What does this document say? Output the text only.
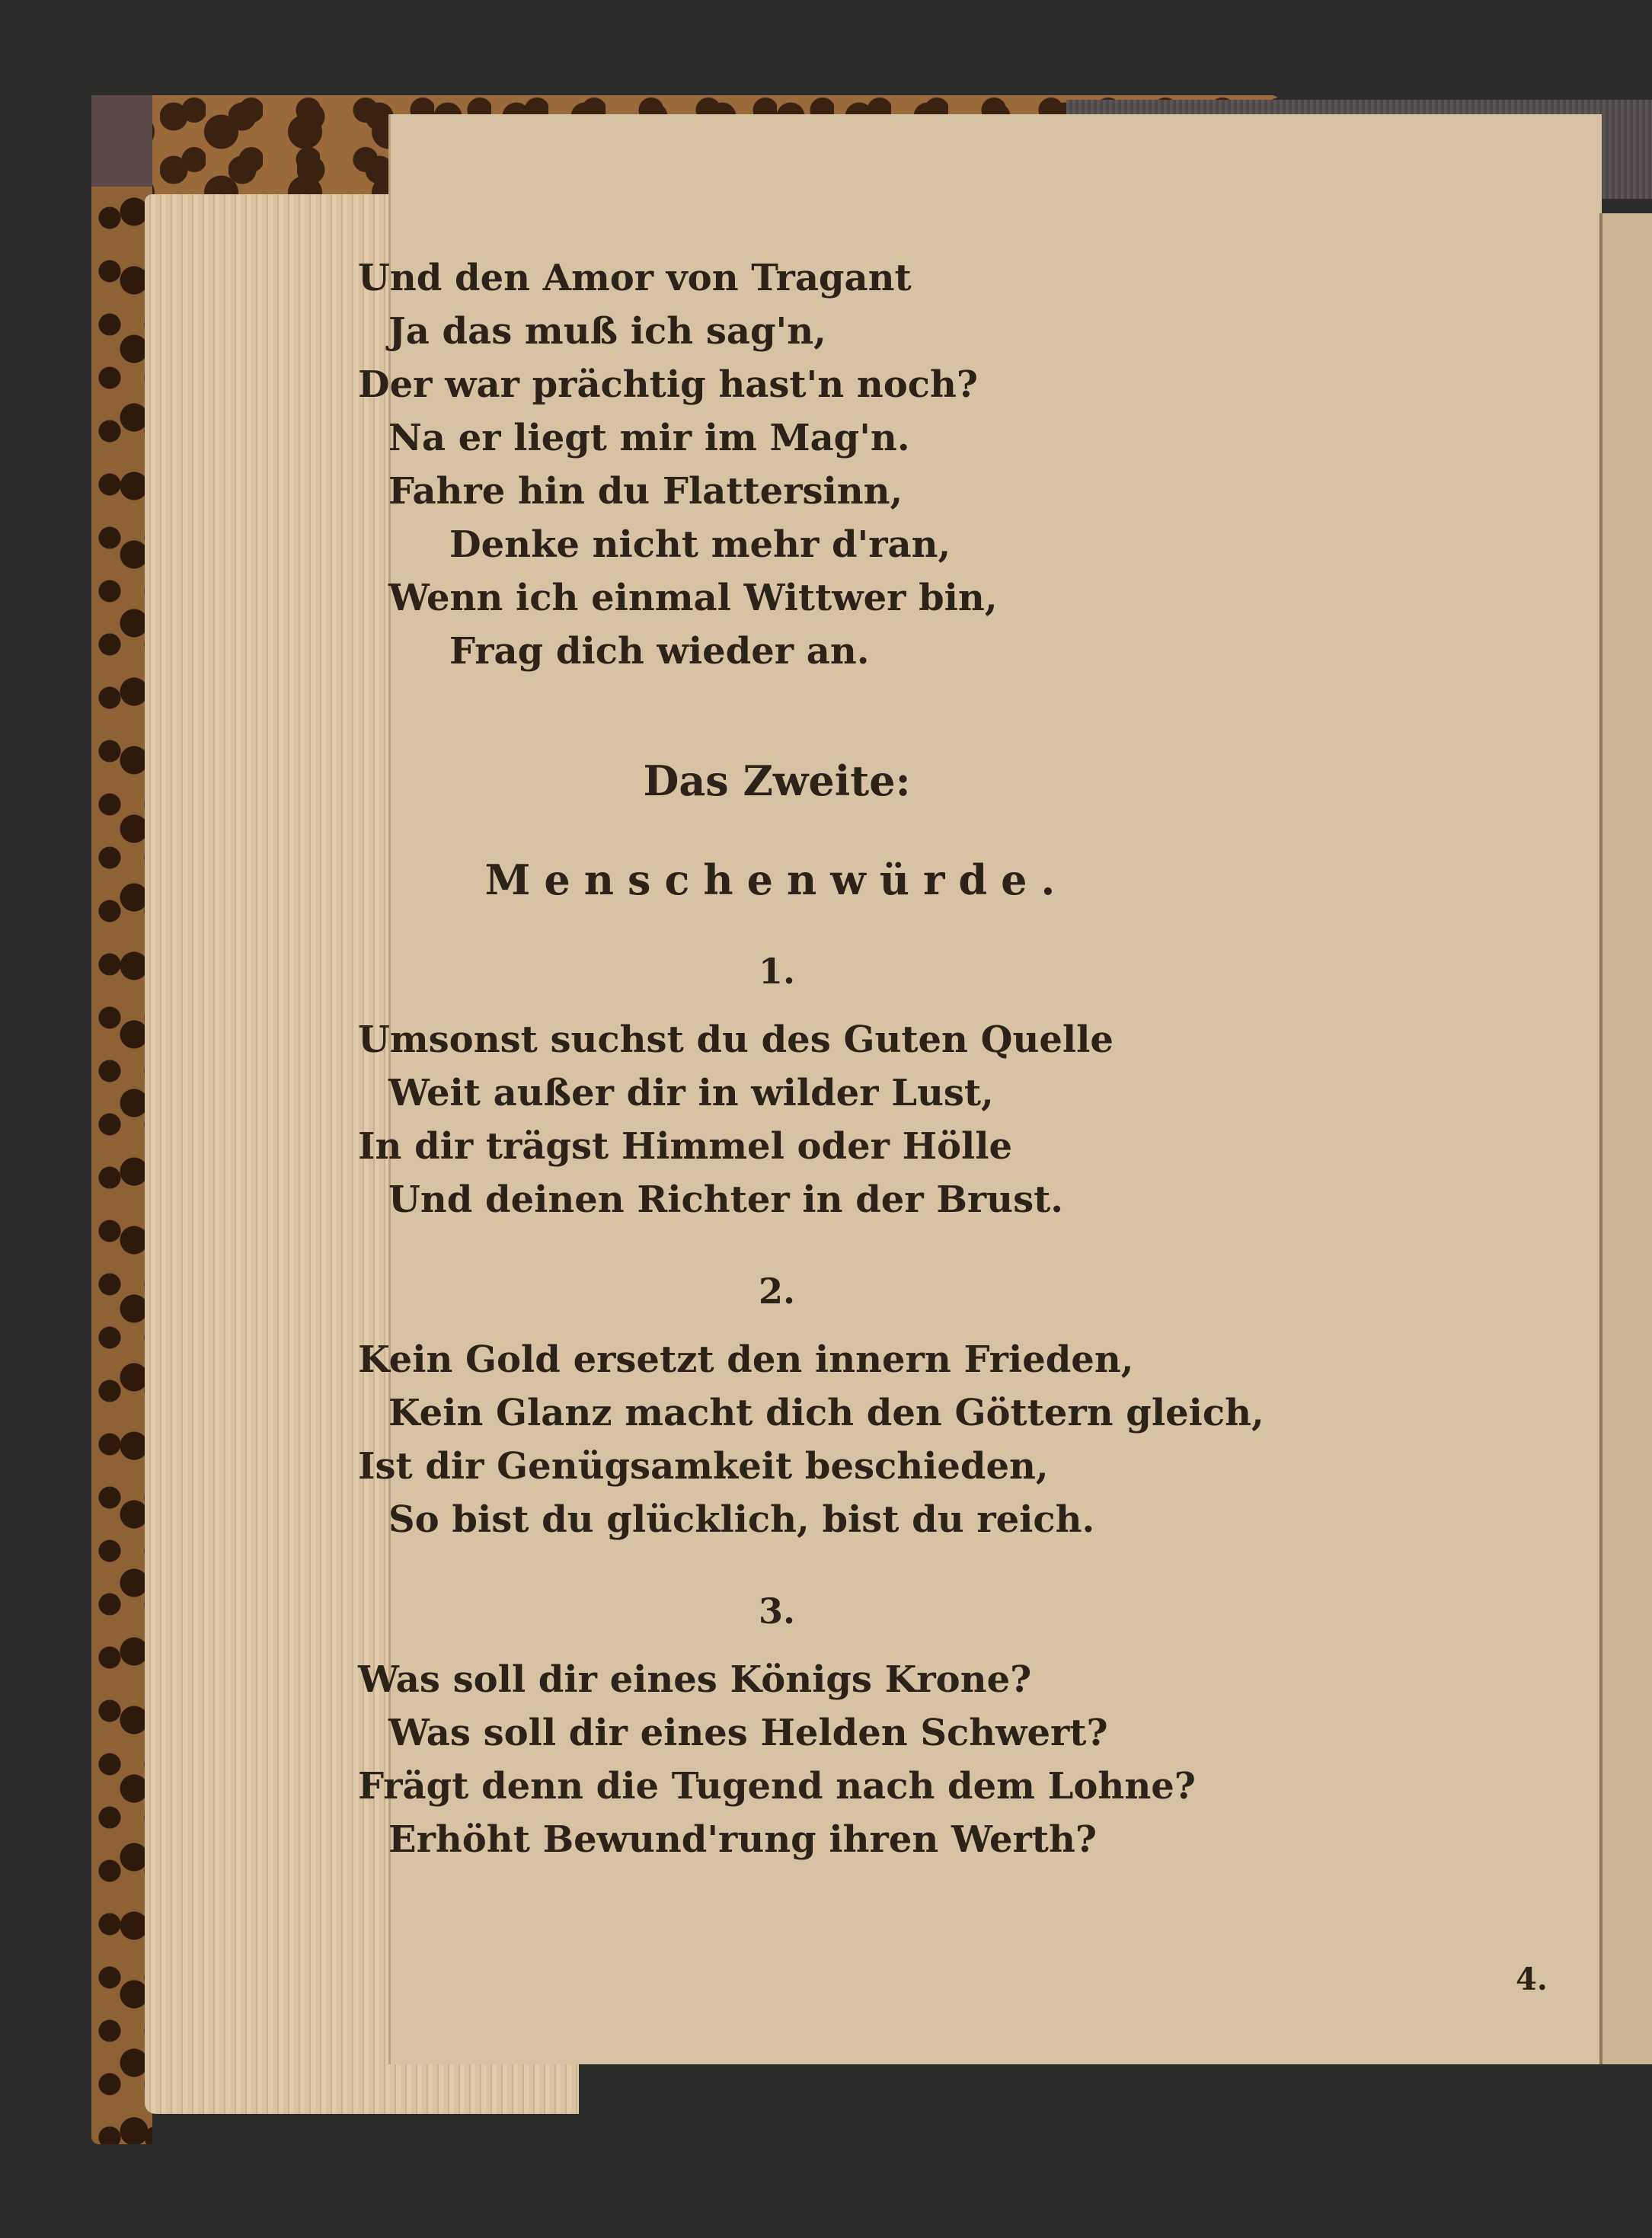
Und den Amor von Tragant
Ja das muß ich sag'n,
Der war prächtig hast'n noch?
Na er liegt mir im Mag'n.
Fahre hin du Flattersinn,
Denke nicht mehr d'ran,
Wenn ich einmal Wittwer bin,
Frag dich wieder an.
Das Zweite:
Menschenwürde.
1.
Umsonst suchst du des Guten Quelle
Weit außer dir in wilder Lust,
In dir trägst Himmel oder Hölle
Und deinen Richter in der Brust.
2.
Kein Gold ersetzt den innern Frieden,
Kein Glanz macht dich den Göttern gleich,
Ist dir Genügsamkeit beschieden,
So bist du glücklich, bist du reich.
3.
Was soll dir eines Königs Krone?
Was soll dir eines Helden Schwert?
Frägt denn die Tugend nach dem Lohne?
Erhöht Bewund'rung ihren Werth?
4.
